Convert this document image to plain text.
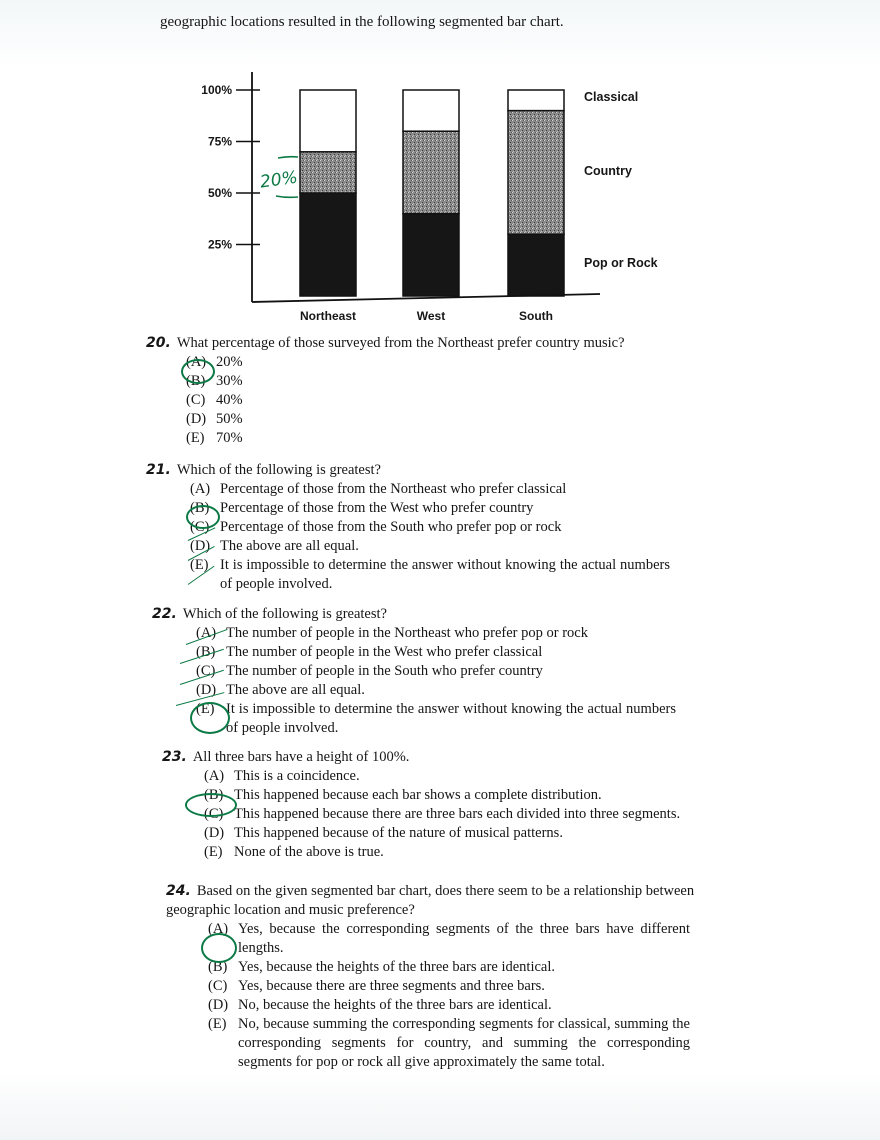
geographic locations resulted in the following segmented bar chart.
Northeast	West	South
25%
50%
75%
100%	Classical
Country
Pop or Rock
20%
20. What percentage of those surveyed from the Northeast prefer country music?
(A) 20%
(B) 30%
(C) 40%
(D) 50%
(E) 70%
21. Which of the following is greatest?
(A) Percentage of those from the Northeast who prefer classical
(B) Percentage of those from the West who prefer country
(C) Percentage of those from the South who prefer pop or rock
(D) The above are all equal.
(E) It is impossible to determine the answer without knowing the actual numbers of people involved.
22. Which of the following is greatest?
(A) The number of people in the Northeast who prefer pop or rock
(B) The number of people in the West who prefer classical
(C) The number of people in the South who prefer country
(D) The above are all equal.
(E) It is impossible to determine the answer without knowing the actual numbers of people involved.
23. All three bars have a height of 100%.
(A) This is a coincidence.
(B) This happened because each bar shows a complete distribution.
(C) This happened because there are three bars each divided into three segments.
(D) This happened because of the nature of musical patterns.
(E) None of the above is true.
24. Based on the given segmented bar chart, does there seem to be a relationship between geographic location and music preference?
(A) Yes, because the corresponding segments of the three bars have different lengths.
(B) Yes, because the heights of the three bars are identical.
(C) Yes, because there are three segments and three bars.
(D) No, because the heights of the three bars are identical.
(E) No, because summing the corresponding segments for classical, summing the corresponding segments for country, and summing the corresponding segments for pop or rock all give approximately the same total.
